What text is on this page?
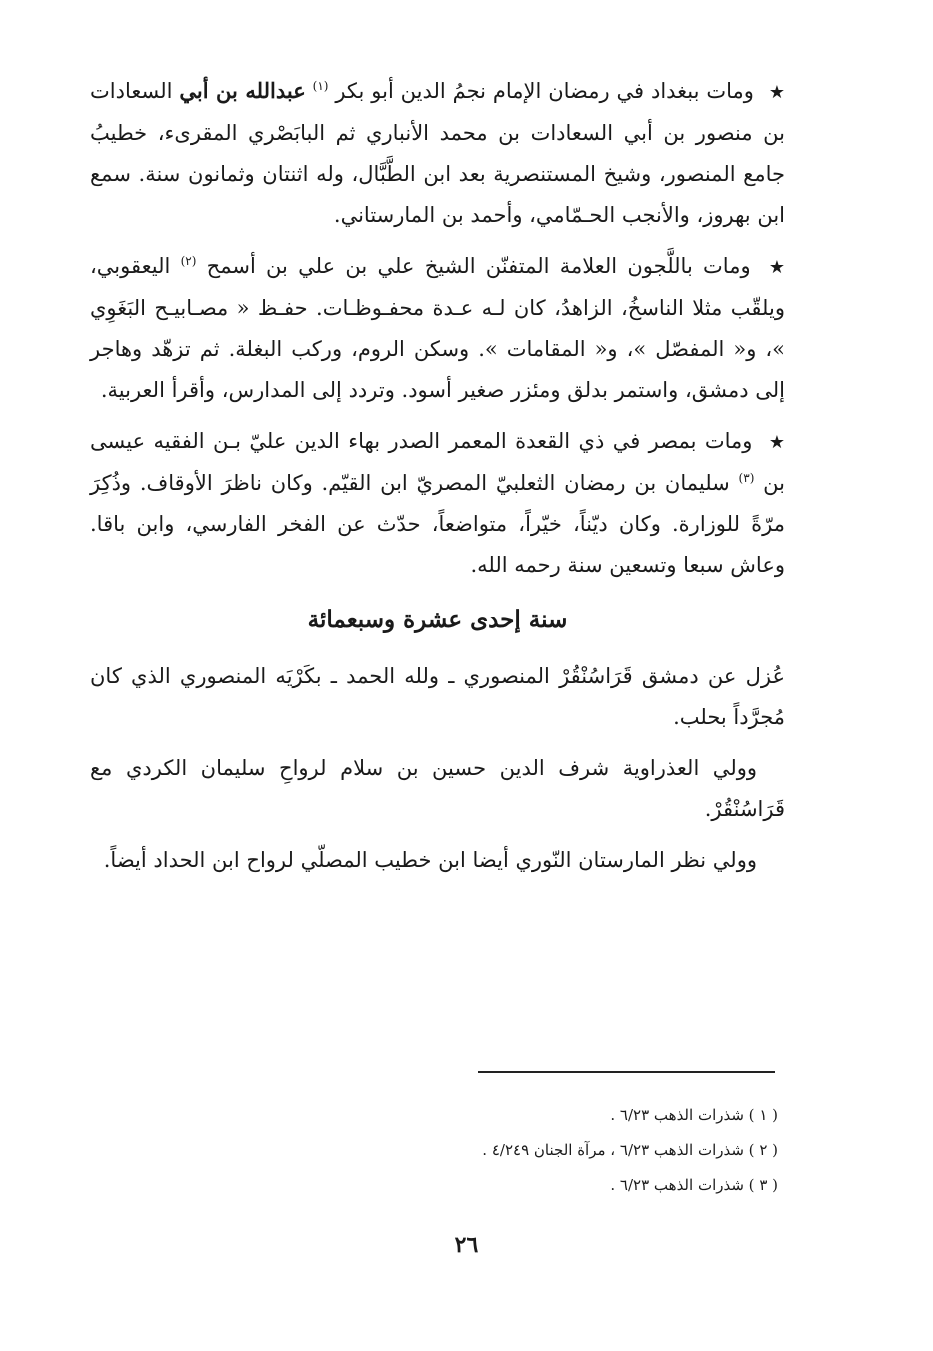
★ ومات ببغداد في رمضان الإمام نجمُ الدين أبو بكر $^{(١)}$ عبدالله بن أبي السعادات بن منصور بن أبي السعادات بن محمد الأنباري ثم البابَصْري المقرىء، خطيبُ جامع المنصور، وشيخ المستنصرية بعد ابن الطَّبَّال، وله اثنتان وثمانون سنة. سمع ابن بهروز، والأنجب الحـمّامي، وأحمد بن المارستاني.

★ ومات باللَّجون العلامة المتفنّن الشيخ علي بن علي بن أسمح $^{(٢)}$ اليعقوبي، ويلقّب مثلا الناسخُ، الزاهدُ، كان لـه عـدة محفـوظـات. حفـظ « مصـابيـح البَغَوِي »، و« المفصّل »، و« المقامات ». وسكن الروم، وركب البغلة. ثم تزهّد وهاجر إلى دمشق، واستمر بدلق ومئزر صغير أسود. وتردد إلى المدارس، وأقرأ العربية.

★ ومات بمصر في ذي القعدة المعمر الصدر بهاء الدين عليّ بـن الفقيه عيسى بن $^{(٣)}$ سليمان بن رمضان الثعلبيّ المصريّ ابن القيّم. وكان ناظرَ الأوقاف. وذُكِرَ مرّةً للوزارة. وكان ديّناً، خيّراً، متواضعاً، حدّث عن الفخر الفارسي، وابن باقا. وعاش سبعا وتسعين سنة رحمه الله.

سنة إحدى عشرة وسبعمائة

عُزل عن دمشق قَرَاسُنْقُرْ المنصوري ـ ولله الحمد ـ بكَرْيَه المنصوري الذي كان مُجرَّداً بحلب.

وولي العذراوية شرف الدين حسين بن سلام لرواحِ سليمان الكردي مع قَرَاسُنْقُرْ.

وولي نظر المارستان النّوري أيضا ابن خطيب المصلّي لرواح ابن الحداد أيضاً.

( ١ ) شذرات الذهب ٦/٢٣ .
( ٢ ) شذرات الذهب ٦/٢٣ ، مرآة الجنان ٤/٢٤٩ .
( ٣ ) شذرات الذهب ٦/٢٣ .
٢٦
